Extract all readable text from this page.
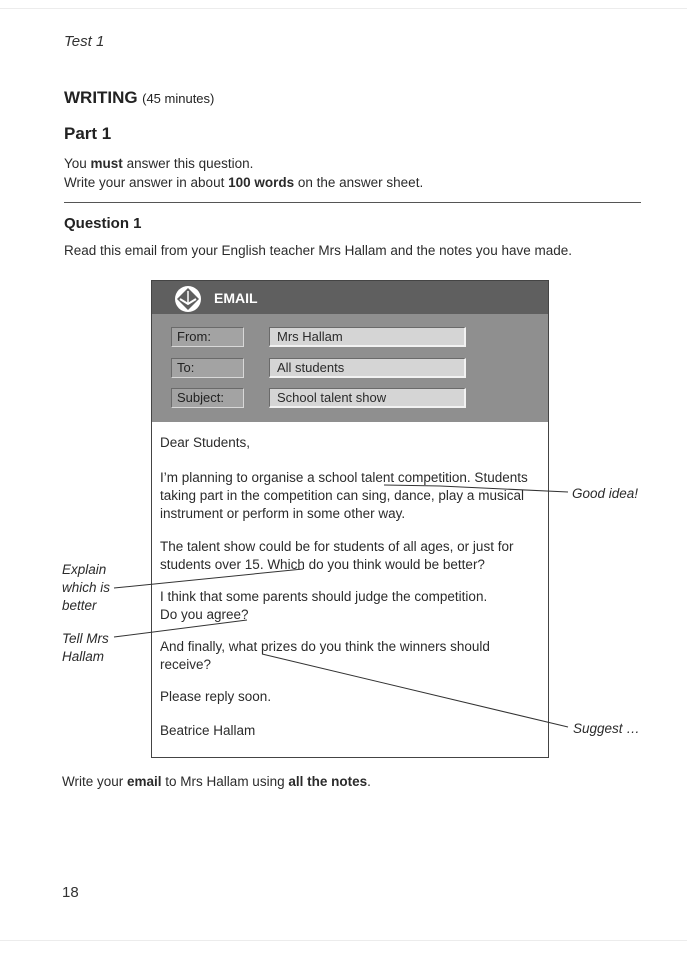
Test 1
WRITING (45 minutes)
Part 1
You must answer this question.
Write your answer in about 100 words on the answer sheet.
Question 1
Read this email from your English teacher Mrs Hallam and the notes you have made.
EMAIL
From:	Mrs Hallam
To:	All students
Subject:	School talent show
Dear Students,
I’m planning to organise a school talent competition. Students
taking part in the competition can sing, dance, play a musical
instrument or perform in some other way.
The talent show could be for students of all ages, or just for
students over 15. Which do you think would be better?
I think that some parents should judge the competition.
Do you agree?
And finally, what prizes do you think the winners should
receive?
Please reply soon.
Beatrice Hallam
Good idea!
Explain
which is
better
Tell Mrs
Hallam
Suggest …
Write your email to Mrs Hallam using all the notes.
18
